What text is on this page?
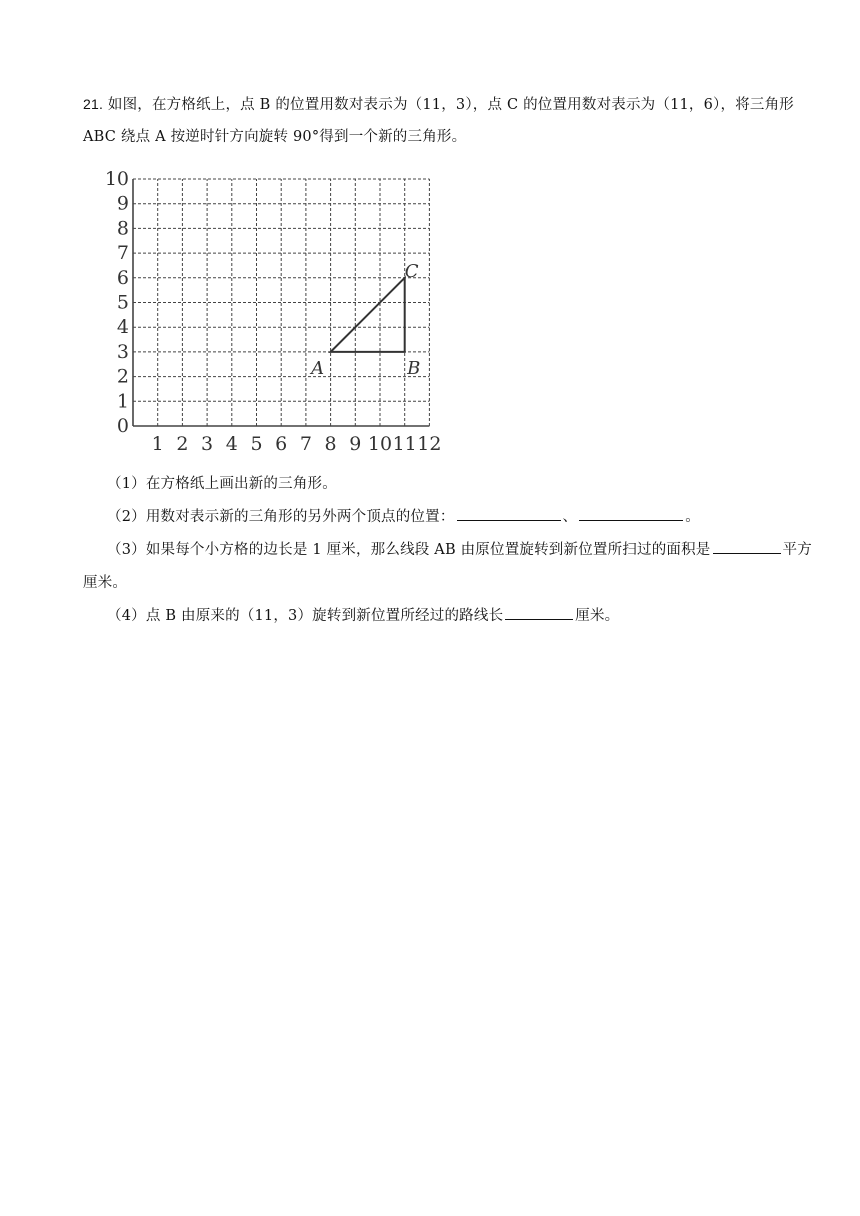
21. 如图，在方格纸上，点 B 的位置用数对表示为（11，3），点 C 的位置用数对表示为（11，6），将三角形 ABC 绕点 A 按逆时针方向旋转 90°得到一个新的三角形。
0
1
2
3
4
5
6
7
8
9
10
1 2 3 4 5 6 7 8 9 10 11 12
A	B
C

（1）在方格纸上画出新的三角形。

（2）用数对表示新的三角形的另外两个顶点的位置：	、	。

（3）如果每个小方格的边长是 1 厘米，那么线段 AB 由原位置旋转到新位置所扫过的面积是	平方厘米。

（4）点 B 由原来的（11，3）旋转到新位置所经过的路线长	厘米。
